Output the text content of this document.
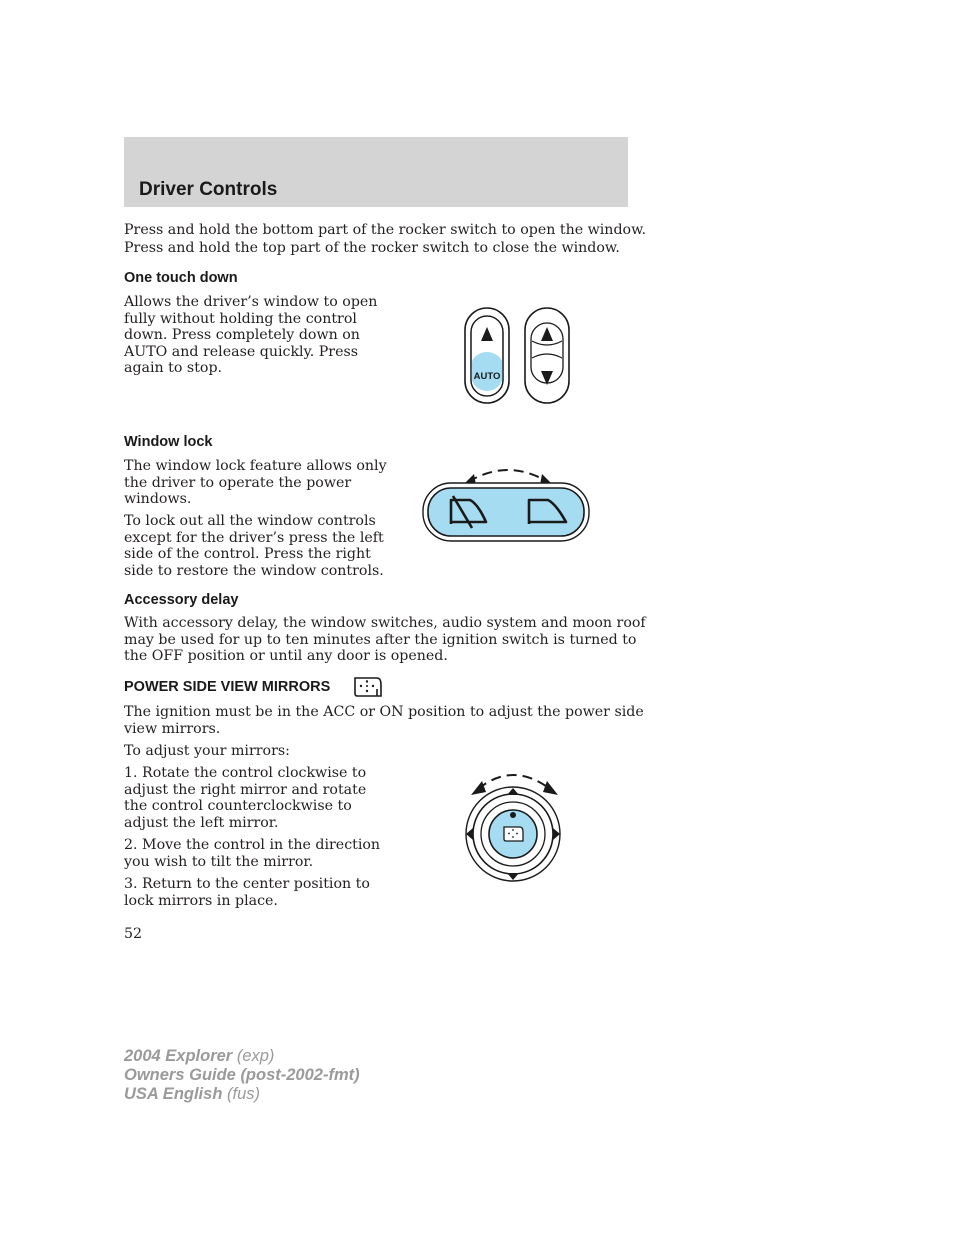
Driver Controls
Press and hold the bottom part of the rocker switch to open the window.
Press and hold the top part of the rocker switch to close the window.
One touch down
Allows the driver’s window to open
fully without holding the control
down. Press completely down on
AUTO and release quickly. Press
again to stop.
AUTO
Window lock
The window lock feature allows only
the driver to operate the power
windows.
To lock out all the window controls
except for the driver’s press the left
side of the control. Press the right
side to restore the window controls.
Accessory delay
With accessory delay, the window switches, audio system and moon roof
may be used for up to ten minutes after the ignition switch is turned to
the OFF position or until any door is opened.
POWER SIDE VIEW MIRRORS
The ignition must be in the ACC or ON position to adjust the power side
view mirrors.
To adjust your mirrors:
1. Rotate the control clockwise to
adjust the right mirror and rotate
the control counterclockwise to
adjust the left mirror.
2. Move the control in the direction
you wish to tilt the mirror.
3. Return to the center position to
lock mirrors in place.
52
2004 Explorer (exp)
Owners Guide (post-2002-fmt)
USA English (fus)
